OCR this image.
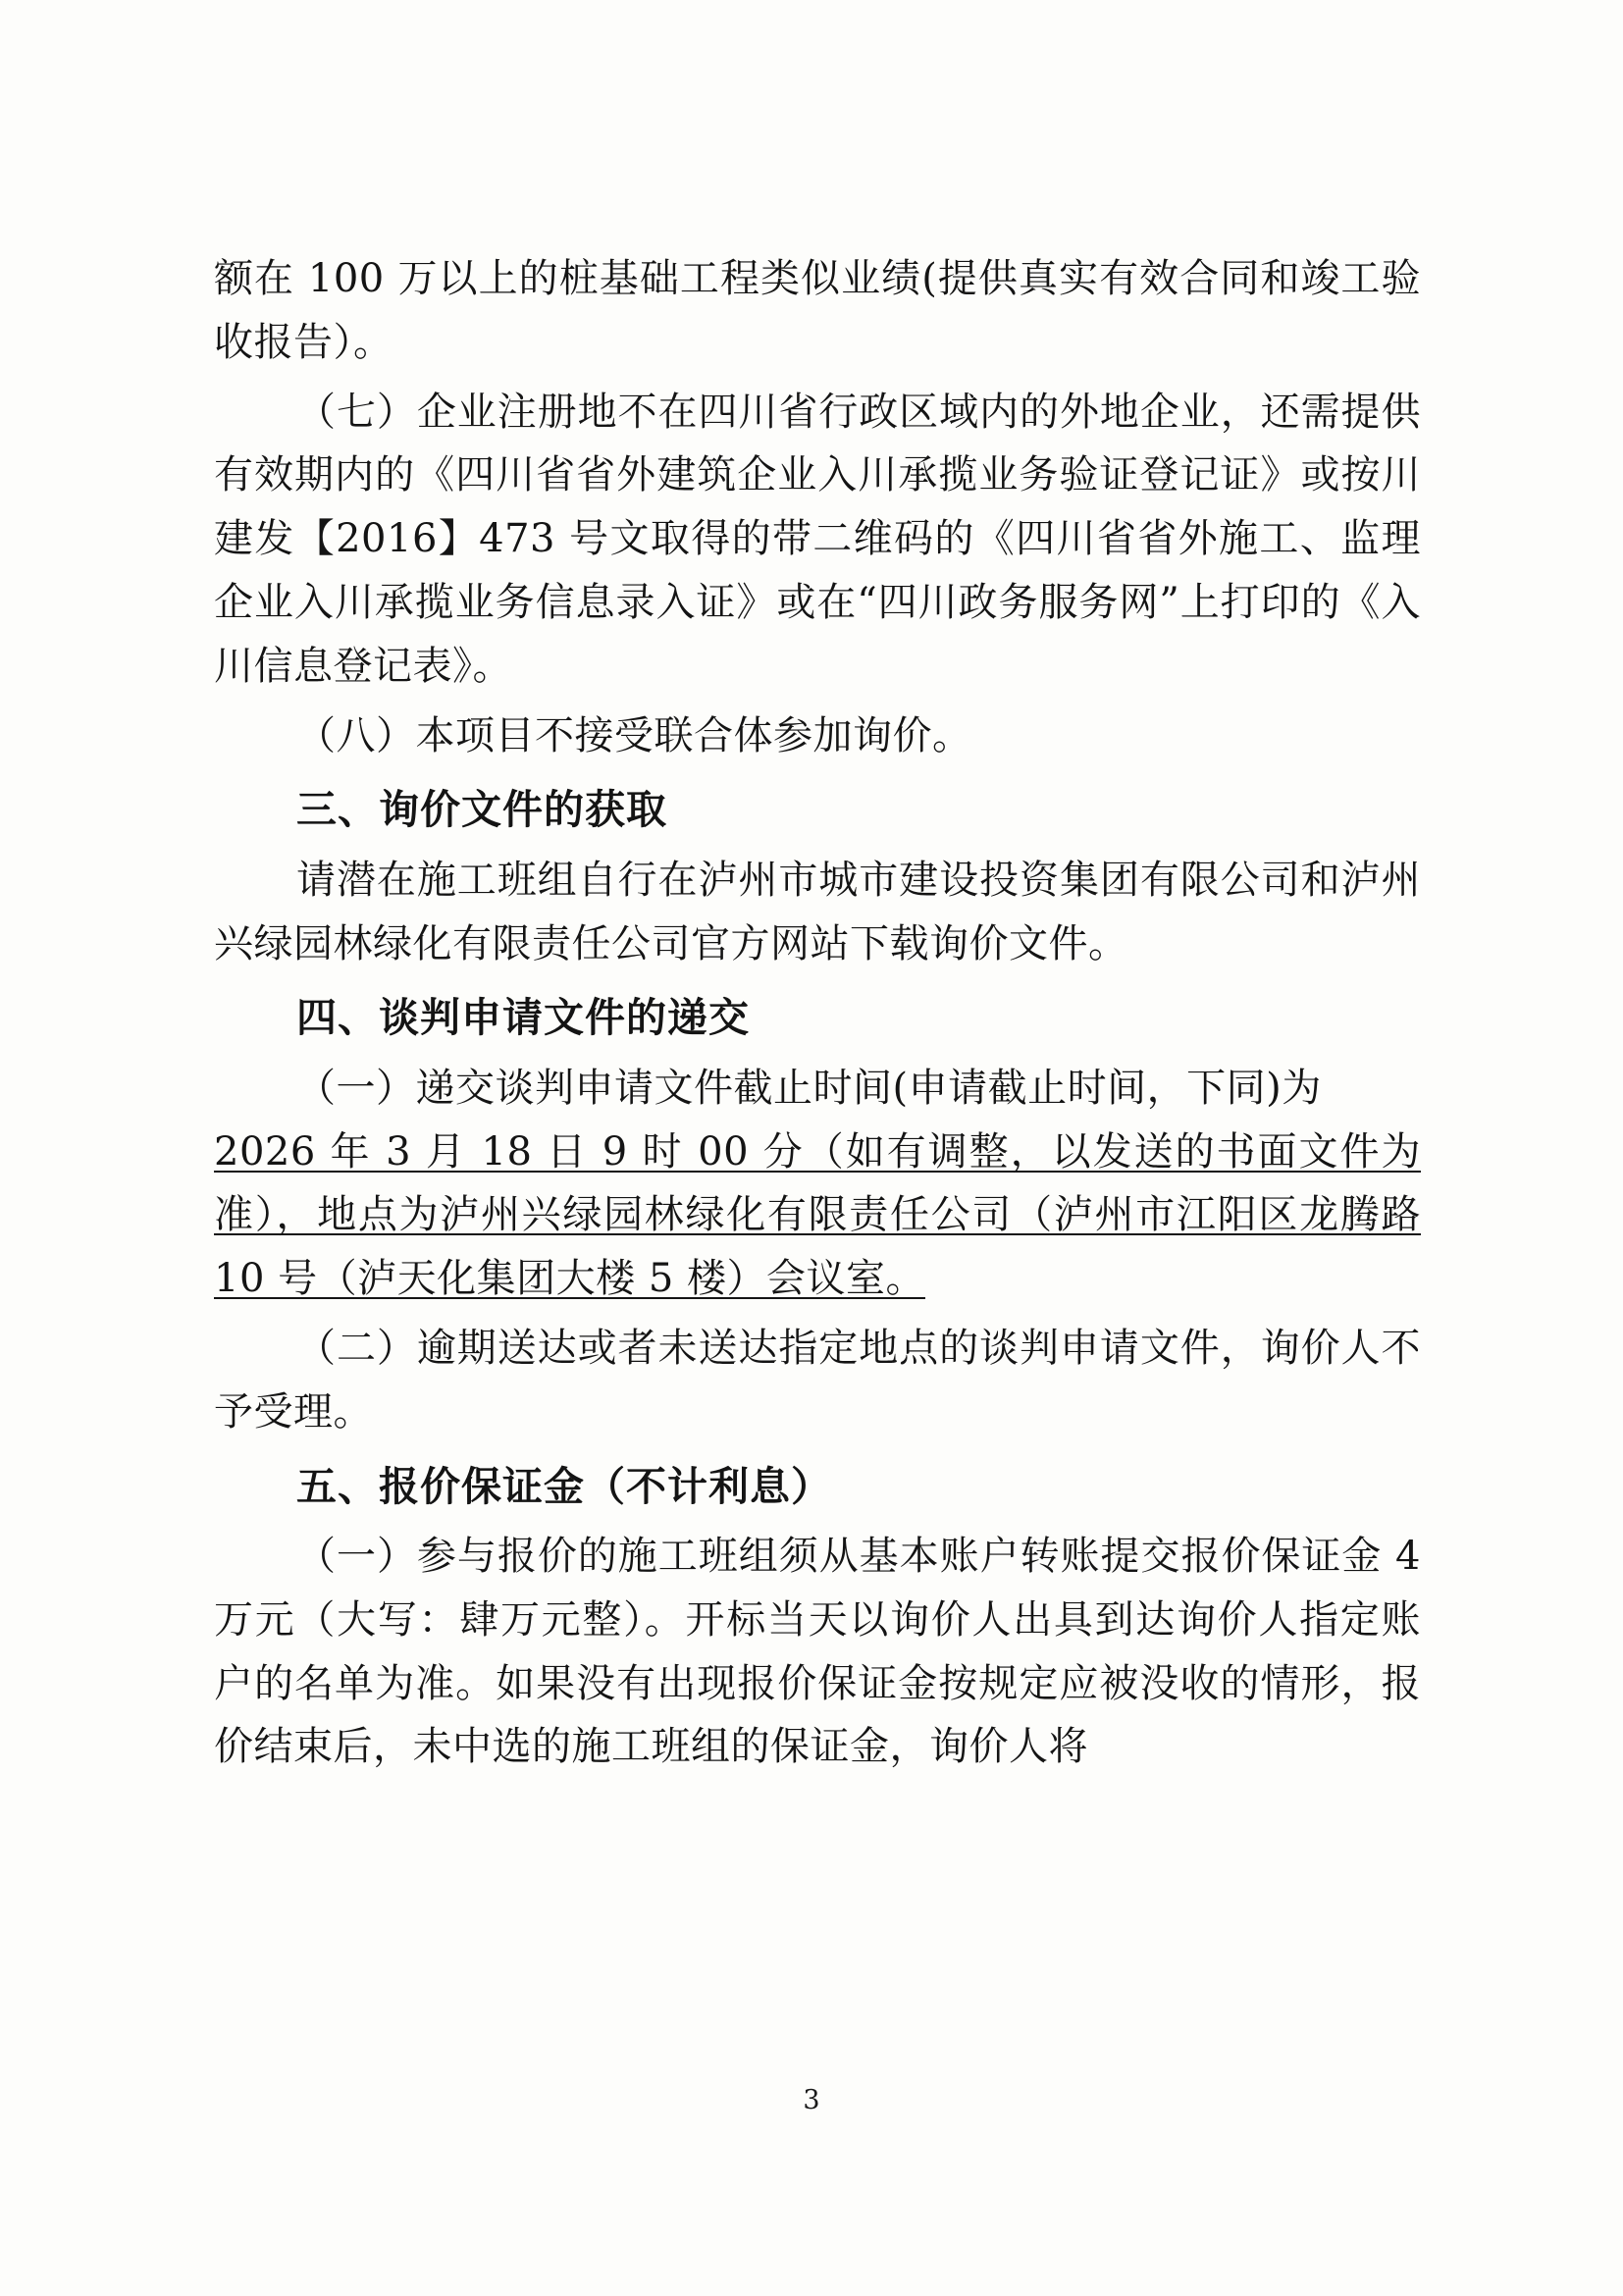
额在 100 万以上的桩基础工程类似业绩(提供真实有效合同和竣工验收报告）。

（七）企业注册地不在四川省行政区域内的外地企业，还需提供有效期内的《四川省省外建筑企业入川承揽业务验证登记证》或按川建发【2016】473 号文取得的带二维码的《四川省省外施工、监理企业入川承揽业务信息录入证》或在“四川政务服务网”上打印的《入川信息登记表》。

（八）本项目不接受联合体参加询价。

三、询价文件的获取

请潜在施工班组自行在泸州市城市建设投资集团有限公司和泸州兴绿园林绿化有限责任公司官方网站下载询价文件。

四、谈判申请文件的递交

（一）递交谈判申请文件截止时间(申请截止时间，下同)为

2026 年 3 月 18 日 9 时 00 分（如有调整，以发送的书面文件为准），地点为泸州兴绿园林绿化有限责任公司（泸州市江阳区龙腾路 10 号（泸天化集团大楼 5 楼）会议室。

（二）逾期送达或者未送达指定地点的谈判申请文件，询价人不予受理。

五、报价保证金（不计利息）

（一）参与报价的施工班组须从基本账户转账提交报价保证金 4 万元（大写：肆万元整）。开标当天以询价人出具到达询价人指定账户的名单为准。如果没有出现报价保证金按规定应被没收的情形，报价结束后，未中选的施工班组的保证金，询价人将

3
